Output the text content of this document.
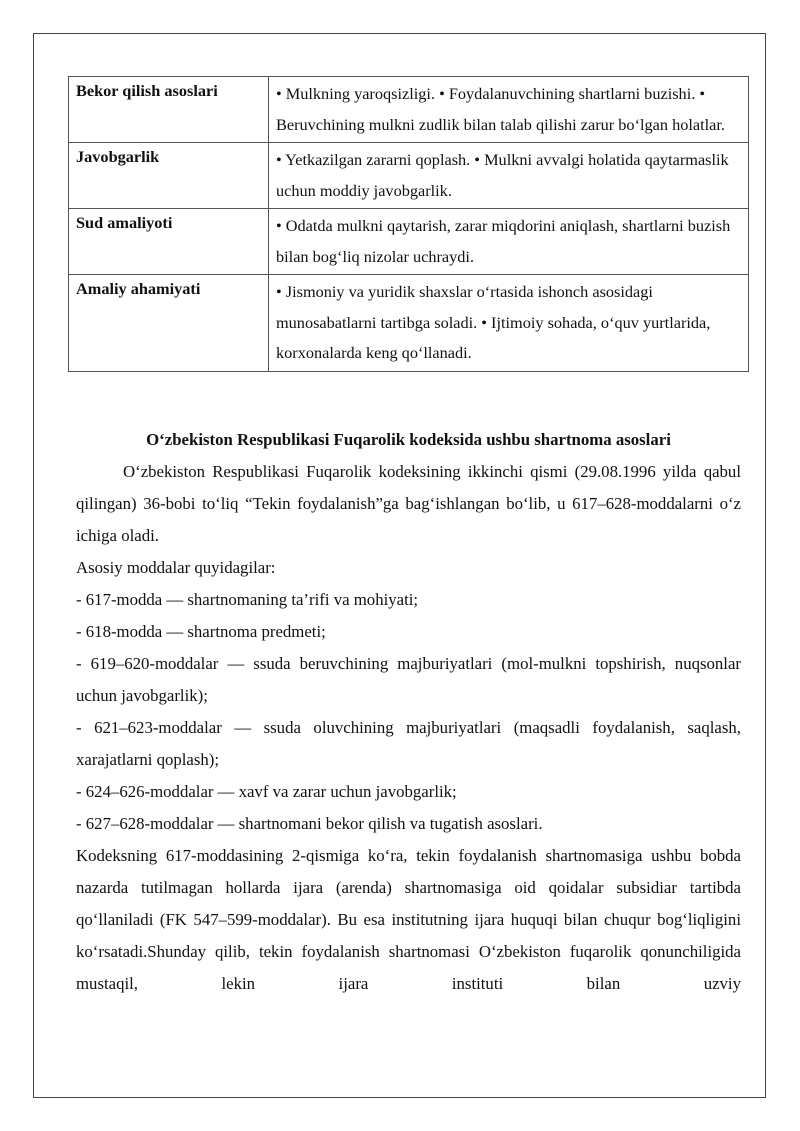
Bekor qilish asoslari	• Mulkning yaroqsizligi. • Foydalanuvchining shartlarni buzishi. • Beruvchining mulkni zudlik bilan talab qilishi zarur bo‘lgan holatlar.
Javobgarlik	• Yetkazilgan zararni qoplash. • Mulkni avvalgi holatida qaytarmaslik uchun moddiy javobgarlik.
Sud amaliyoti	• Odatda mulkni qaytarish, zarar miqdorini aniqlash, shartlarni buzish bilan bog‘liq nizolar uchraydi.
Amaliy ahamiyati	• Jismoniy va yuridik shaxslar o‘rtasida ishonch asosidagi munosabatlarni tartibga soladi. • Ijtimoiy sohada, o‘quv yurtlarida, korxonalarda keng qo‘llanadi.

O‘zbekiston Respublikasi Fuqarolik kodeksida ushbu shartnoma asoslari

O‘zbekiston Respublikasi Fuqarolik kodeksining ikkinchi qismi (29.08.1996 yilda qabul qilingan) 36-bobi to‘liq “Tekin foydalanish”ga bag‘ishlangan bo‘lib, u 617–628-moddalarni o‘z ichiga oladi.

Asosiy moddalar quyidagilar:

- 617-modda — shartnomaning ta’rifi va mohiyati;

- 618-modda — shartnoma predmeti;

- 619–620-moddalar — ssuda beruvchining majburiyatlari (mol-mulkni topshirish, nuqsonlar uchun javobgarlik);

- 621–623-moddalar — ssuda oluvchining majburiyatlari (maqsadli foydalanish, saqlash, xarajatlarni qoplash);

- 624–626-moddalar — xavf va zarar uchun javobgarlik;

- 627–628-moddalar — shartnomani bekor qilish va tugatish asoslari.

Kodeksning 617-moddasining 2-qismiga ko‘ra, tekin foydalanish shartnomasiga ushbu bobda nazarda tutilmagan hollarda ijara (arenda) shartnomasiga oid qoidalar subsidiar tartibda qo‘llaniladi (FK 547–599-moddalar). Bu esa institutning ijara huquqi bilan chuqur bog‘liqligini ko‘rsatadi.Shunday qilib, tekin foydalanish shartnomasi O‘zbekiston fuqarolik qonunchiligida mustaqil, lekin ijara instituti bilan uzviy
